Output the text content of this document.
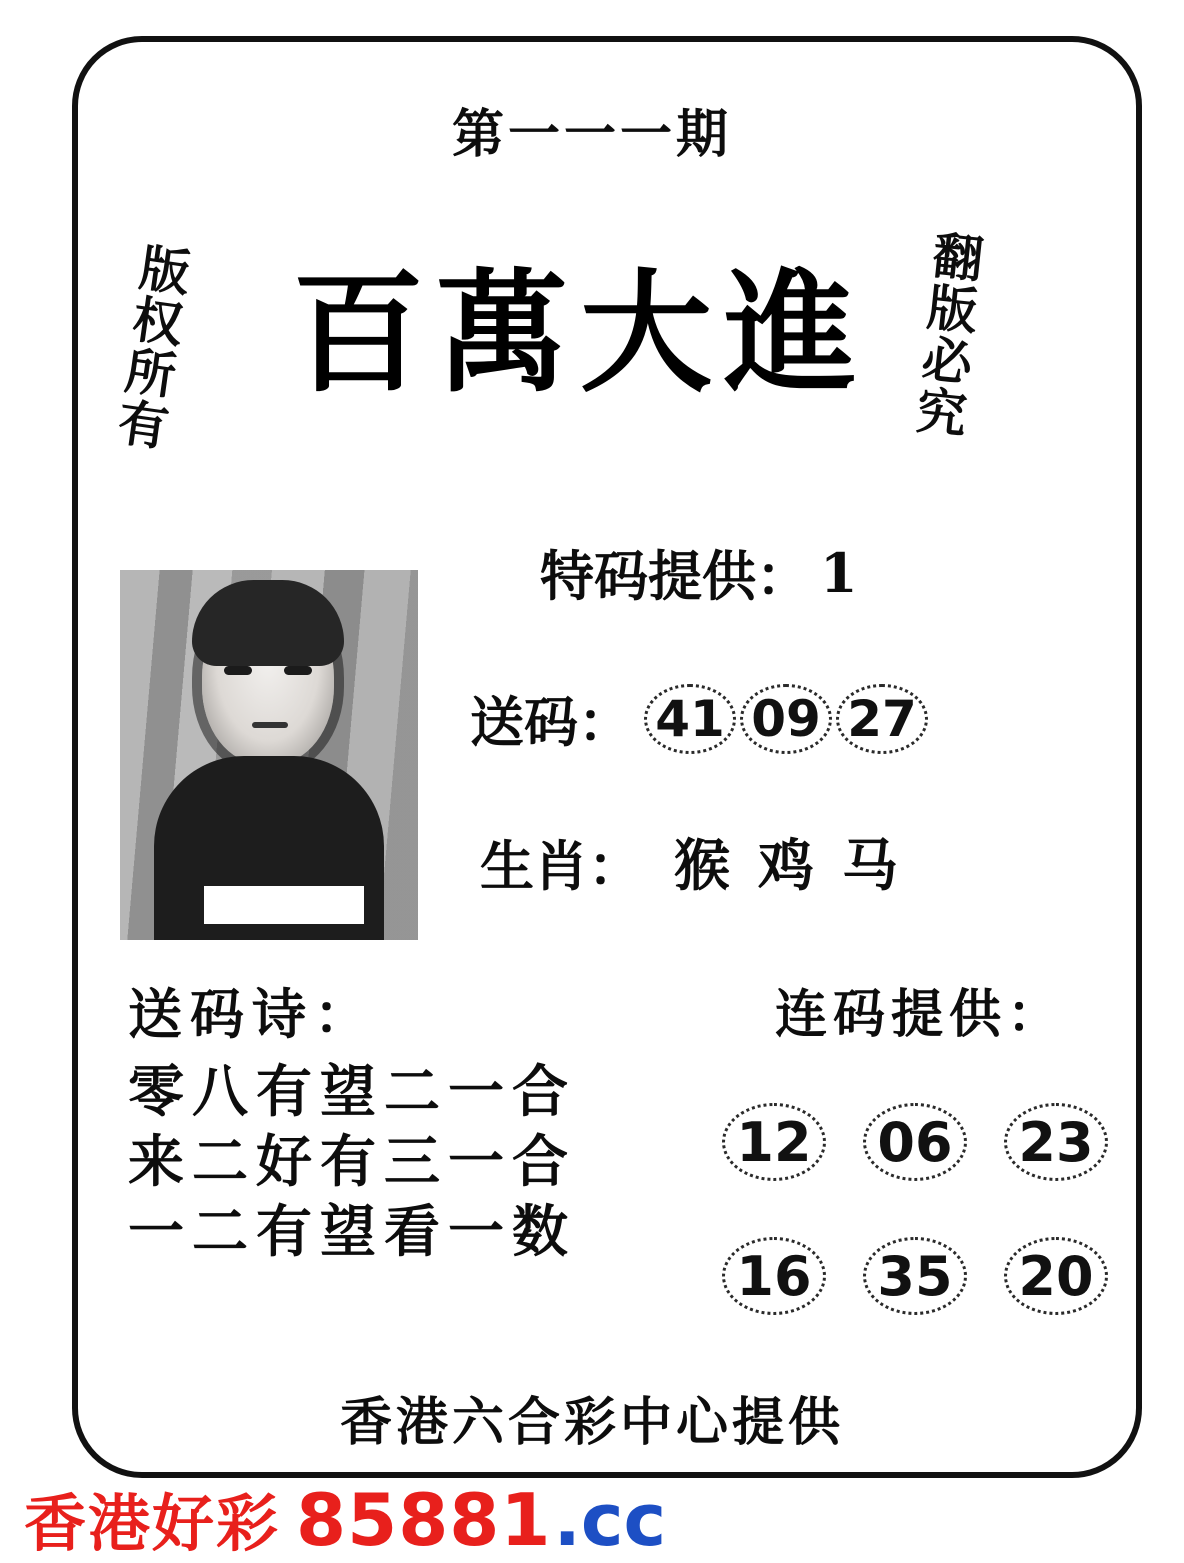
第一一一期
版权所有 百萬大進 翻版必究
特码提供： 1
送码： 41 09 27
生肖： 猴 鸡 马
送码诗：
零八有望二一合
来二好有三一合
一二有望看一数
连码提供：
12 06 23
16 35 20
香港六合彩中心提供
香港好彩 85881 .cc
